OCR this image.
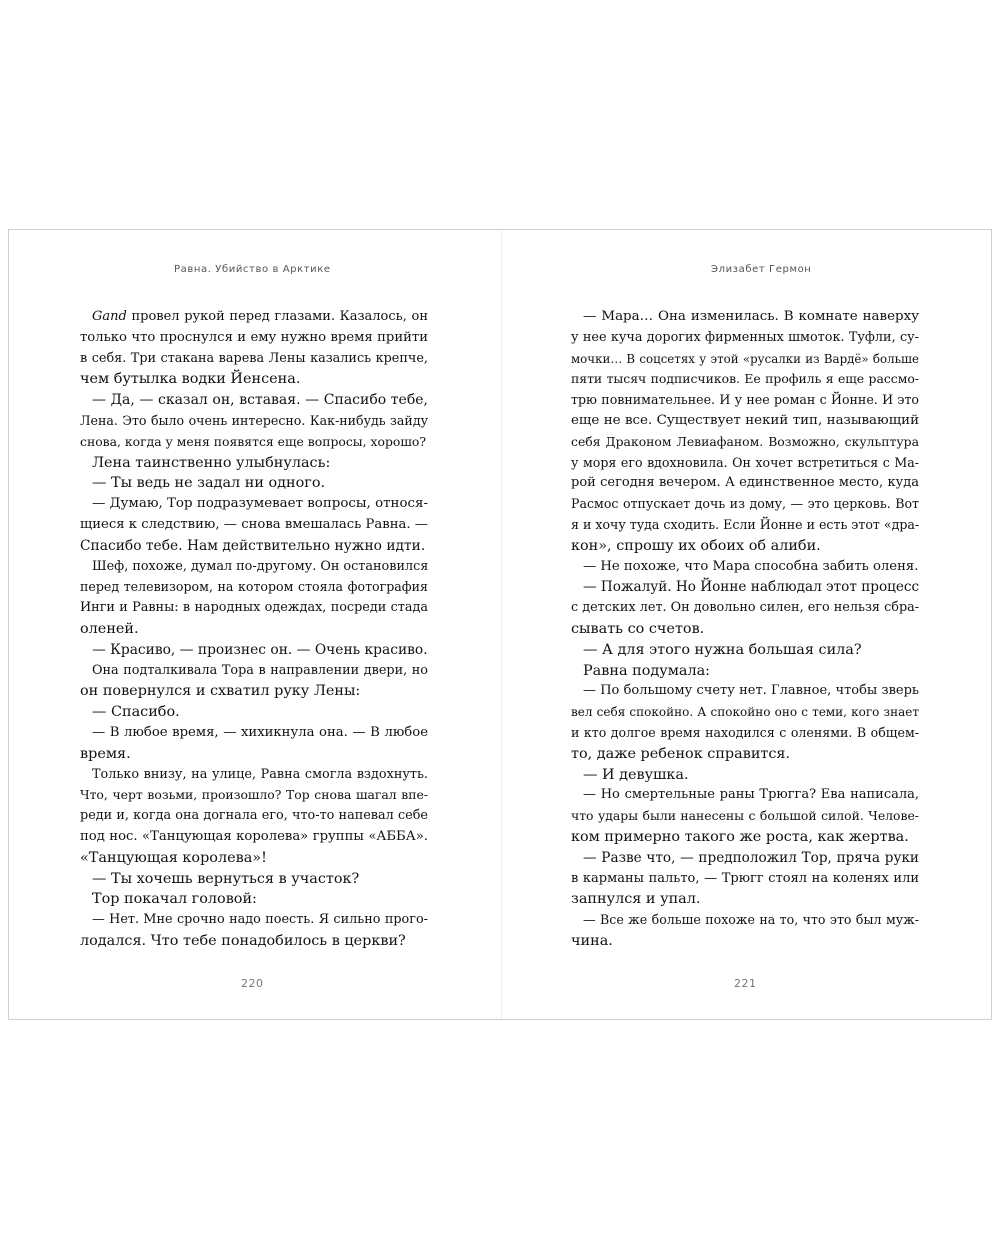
Равна. Убийство в Арктике
Gand провел рукой перед глазами. Казалось, он
только что проснулся и ему нужно время прийти
в себя. Три стакана варева Лены казались крепче,
чем бутылка водки Йенсена.
— Да, — сказал он, вставая. — Спасибо тебе,
Лена. Это было очень интересно. Как-нибудь зайду
снова, когда у меня появятся еще вопросы, хорошо?
Лена таинственно улыбнулась:
— Ты ведь не задал ни одного.
— Думаю, Тор подразумевает вопросы, относя-
щиеся к следствию, — снова вмешалась Равна. —
Спасибо тебе. Нам действительно нужно идти.
Шеф, похоже, думал по-другому. Он остановился
перед телевизором, на котором стояла фотография
Инги и Равны: в народных одеждах, посреди стада
оленей.
— Красиво, — произнес он. — Очень красиво.
Она подталкивала Тора в направлении двери, но
он повернулся и схватил руку Лены:
— Спасибо.
— В любое время, — хихикнула она. — В любое
время.
Только внизу, на улице, Равна смогла вздохнуть.
Что, черт возьми, произошло? Тор снова шагал впе-
реди и, когда она догнала его, что-то напевал себе
под нос. «Танцующая королева» группы «АББА».
«Танцующая королева»!
— Ты хочешь вернуться в участок?
Тор покачал головой:
— Нет. Мне срочно надо поесть. Я сильно прого-
лодался. Что тебе понадобилось в церкви?
220
Элизабет Гермон
— Мара… Она изменилась. В комнате наверху
у нее куча дорогих фирменных шмоток. Туфли, су-
мочки… В соцсетях у этой «русалки из Вардё» больше
пяти тысяч подписчиков. Ее профиль я еще рассмо-
трю повнимательнее. И у нее роман с Йонне. И это
еще не все. Существует некий тип, называющий
себя Драконом Левиафаном. Возможно, скульптура
у моря его вдохновила. Он хочет встретиться с Ма-
рой сегодня вечером. А единственное место, куда
Расмос отпускает дочь из дому, — это церковь. Вот
я и хочу туда сходить. Если Йонне и есть этот «дра-
кон», спрошу их обоих об алиби.
— Не похоже, что Мара способна забить оленя.
— Пожалуй. Но Йонне наблюдал этот процесс
с детских лет. Он довольно силен, его нельзя сбра-
сывать со счетов.
— А для этого нужна большая сила?
Равна подумала:
— По большому счету нет. Главное, чтобы зверь
вел себя спокойно. А спокойно оно с теми, кого знает
и кто долгое время находился с оленями. В общем-
то, даже ребенок справится.
— И девушка.
— Но смертельные раны Трюгга? Ева написала,
что удары были нанесены с большой силой. Челове-
ком примерно такого же роста, как жертва.
— Разве что, — предположил Тор, пряча руки
в карманы пальто, — Трюгг стоял на коленях или
запнулся и упал.
— Все же больше похоже на то, что это был муж-
чина.
221
